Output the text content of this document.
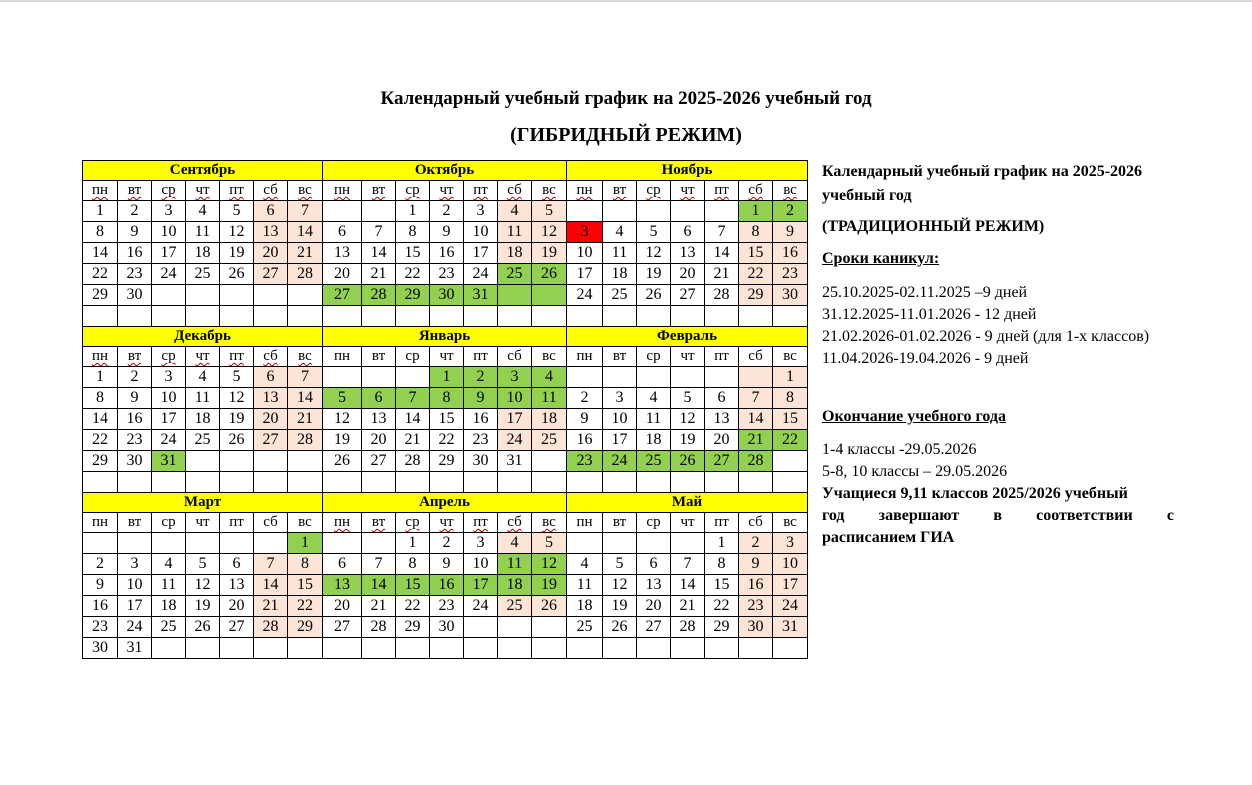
Календарный учебный график на 2025-2026 учебный год
(ГИБРИДНЫЙ РЕЖИМ)
Сентябрь							Октябрь							Ноябрь						
пн	вт	ср	чт	пт	сб	вс	пн	вт	ср	чт	пт	сб	вс	пн	вт	ср	чт	пт	сб	вс
1	2	3	4	5	6	7			1	2	3	4	5						1	2
8	9	10	11	12	13	14	6	7	8	9	10	11	12	3	4	5	6	7	8	9
14	16	17	18	19	20	21	13	14	15	16	17	18	19	10	11	12	13	14	15	16
22	23	24	25	26	27	28	20	21	22	23	24	25	26	17	18	19	20	21	22	23
29	30						27	28	29	30	31			24	25	26	27	28	29	30

Декабрь							Январь							Февраль						
пн	вт	ср	чт	пт	сб	вс	пн	вт	ср	чт	пт	сб	вс	пн	вт	ср	чт	пт	сб	вс
1	2	3	4	5	6	7				1	2	3	4							1
8	9	10	11	12	13	14	5	6	7	8	9	10	11	2	3	4	5	6	7	8
14	16	17	18	19	20	21	12	13	14	15	16	17	18	9	10	11	12	13	14	15
22	23	24	25	26	27	28	19	20	21	22	23	24	25	16	17	18	19	20	21	22
29	30	31					26	27	28	29	30	31		23	24	25	26	27	28	

Март							Апрель							Май						
пн	вт	ср	чт	пт	сб	вс	пн	вт	ср	чт	пт	сб	вс	пн	вт	ср	чт	пт	сб	вс
						1			1	2	3	4	5					1	2	3
2	3	4	5	6	7	8	6	7	8	9	10	11	12	4	5	6	7	8	9	10
9	10	11	12	13	14	15	13	14	15	16	17	18	19	11	12	13	14	15	16	17
16	17	18	19	20	21	22	20	21	22	23	24	25	26	18	19	20	21	22	23	24
23	24	25	26	27	28	29	27	28	29	30				25	26	27	28	29	30	31
30	31																			
Календарный учебный график на 2025-2026 учебный год
(ТРАДИЦИОННЫЙ РЕЖИМ)
Сроки каникул:
25.10.2025-02.11.2025 –9 дней
31.12.2025-11.01.2026 - 12 дней
21.02.2026-01.02.2026 - 9 дней (для 1-х классов)
11.04.2026-19.04.2026 - 9 дней
Окончание учебного года
1-4 классы -29.05.2026
5-8, 10 классы – 29.05.2026
Учащиеся 9,11 классов 2025/2026 учебный
год завершают в соответствии с
расписанием ГИА
